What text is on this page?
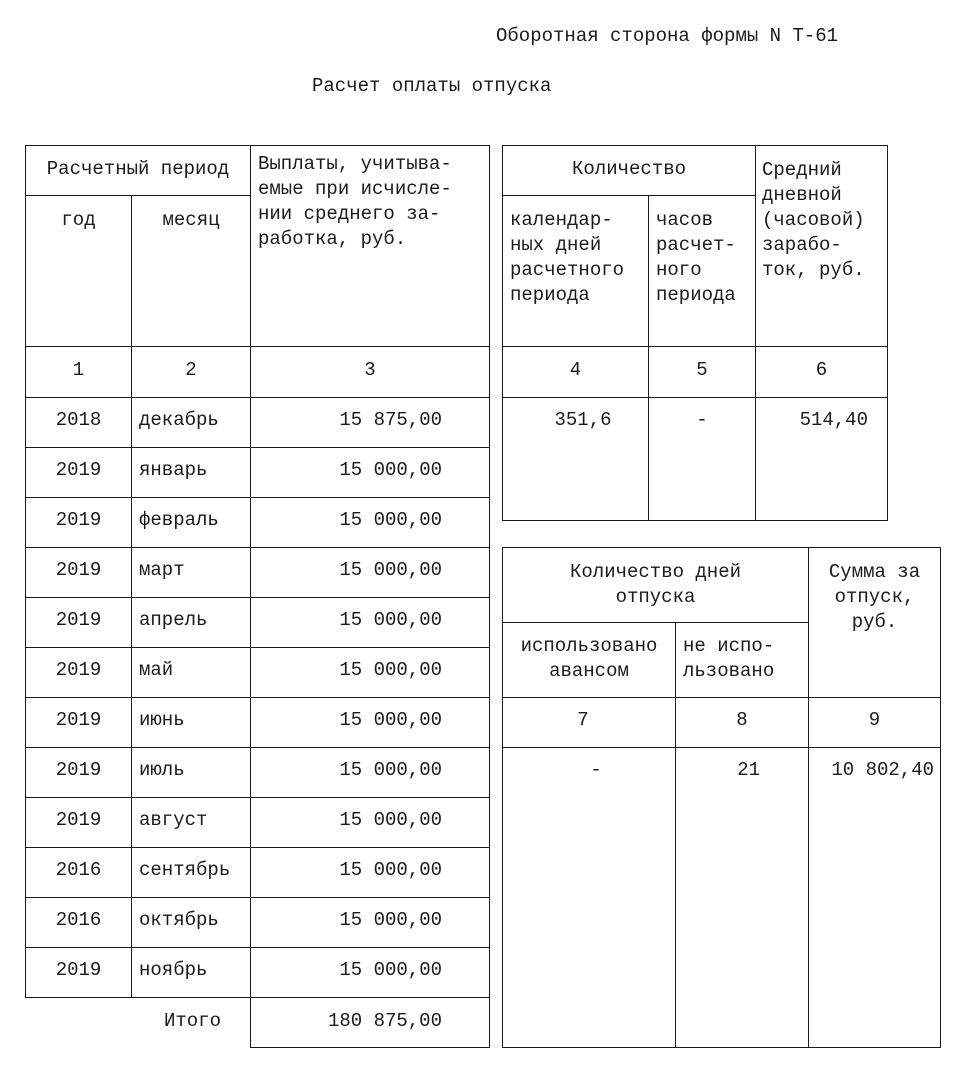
Оборотная сторона формы N Т-61
Расчет оплаты отпуска
Расчетный период
год	месяц
Выплаты, учитыва-
емые при исчисле-
нии среднего за-
работка, руб.
1	2	3
2018	декабрь	15 875,00
2019	январь	15 000,00
2019	февраль	15 000,00
2019	март	15 000,00
2019	апрель	15 000,00
2019	май	15 000,00
2019	июнь	15 000,00
2019	июль	15 000,00
2019	август	15 000,00
2016	сентябрь	15 000,00
2016	октябрь	15 000,00
2019	ноябрь	15 000,00
Итого	180 875,00
Количество
календар-
ных дней
расчетного
периода
часов
расчет-
ного
периода
Средний
дневной
(часовой)
зарабо-
ток, руб.
4	5	6
351,6	-	514,40
Количество дней
отпуска
использовано
авансом
не испо-
льзовано
Сумма за
отпуск,
руб.
7	8	9
-	21	10 802,40
